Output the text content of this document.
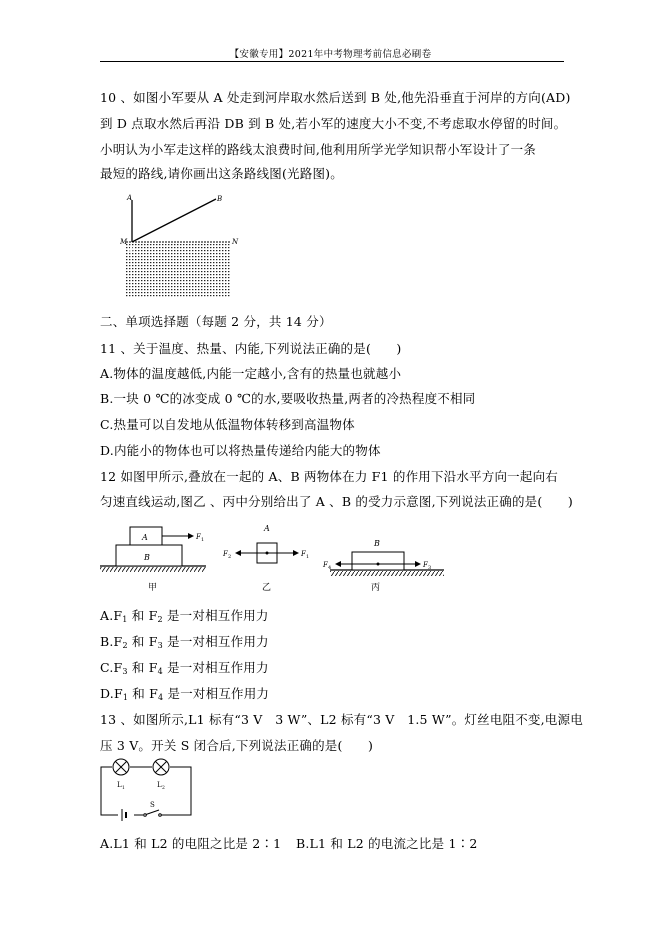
【安徽专用】2021年中考物理考前信息必刷卷
10 、如图小军要从 A 处走到河岸取水然后送到 B 处,他先沿垂直于河岸的方向(AD)
到 D 点取水然后再沿 DB 到 B 处,若小军的速度大小不变,不考虑取水停留的时间。
小明认为小军走这样的路线太浪费时间,他利用所学光学知识帮小军设计了一条
最短的路线,请你画出这条路线图(光路图)。
A	B
M	N
D
二、单项选择题（每题 2 分，共 14 分）
11 、关于温度、热量、内能,下列说法正确的是(　　)
A.物体的温度越低,内能一定越小,含有的热量也就越小
B.一块 0 ℃的冰变成 0 ℃的水,要吸收热量,两者的冷热程度不相同
C.热量可以自发地从低温物体转移到高温物体
D.内能小的物体也可以将热量传递给内能大的物体
12 如图甲所示,叠放在一起的 A、B 两物体在力 F1 的作用下沿水平方向一起向右
匀速直线运动,图乙 、丙中分别给出了 A 、B 的受力示意图,下列说法正确的是(　　)
A
B
F 1
甲
A
F 2	F 1
乙
B
F 4	F 3
丙
$A.F_1$ 和 $F_2$ 是一对相互作用力
$B.F_2$ 和 $F_3$ 是一对相互作用力
$C.F_3$ 和 $F_4$ 是一对相互作用力
$D.F_1$ 和 $F_4$ 是一对相互作用力
13 、如图所示,L1 标有“3 V　3 W”、L2 标有“3 V　1.5 W”。灯丝电阻不变,电源电
压 3 V。开关 S 闭合后,下列说法正确的是(　　)
L 1	L 2
S
A.L1 和 L2 的电阻之比是 2∶1 B.L1 和 L2 的电流之比是 1∶2
